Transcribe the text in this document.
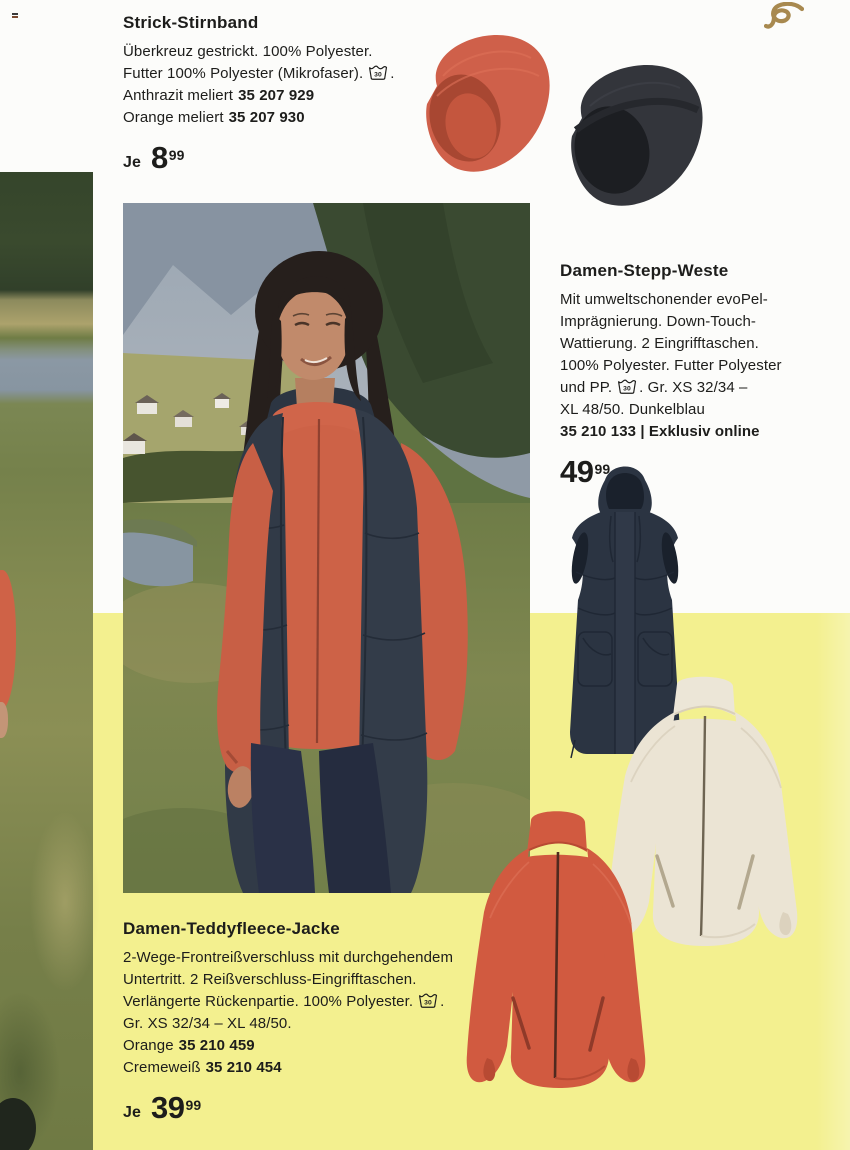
Strick-Stirnband
Überkreuz gestrickt. 100% Polyester.
Futter 100% Polyester (Mikrofaser). 30 .
Anthrazit meliert 35 207 929
Orange meliert 35 207 930
Je 8 99
Damen-Stepp-Weste
Mit umweltschonender evoPel-
Imprägnierung. Down-Touch-
Wattierung. 2 Eingrifftaschen.
100% Polyester. Futter Polyester
und PP. 30 . Gr. XS 32/34 –
XL 48/50. Dunkelblau
35 210 133 | Exklusiv online
49 99
Damen-Teddyfleece-Jacke
2-Wege-Frontreißverschluss mit durchgehendem
Untertritt. 2 Reißverschluss-Eingrifftaschen.
Verlängerte Rückenpartie. 100% Polyester. 30 .
Gr. XS 32/34 – XL 48/50.
Orange 35 210 459
Cremeweiß 35 210 454
Je 39 99
